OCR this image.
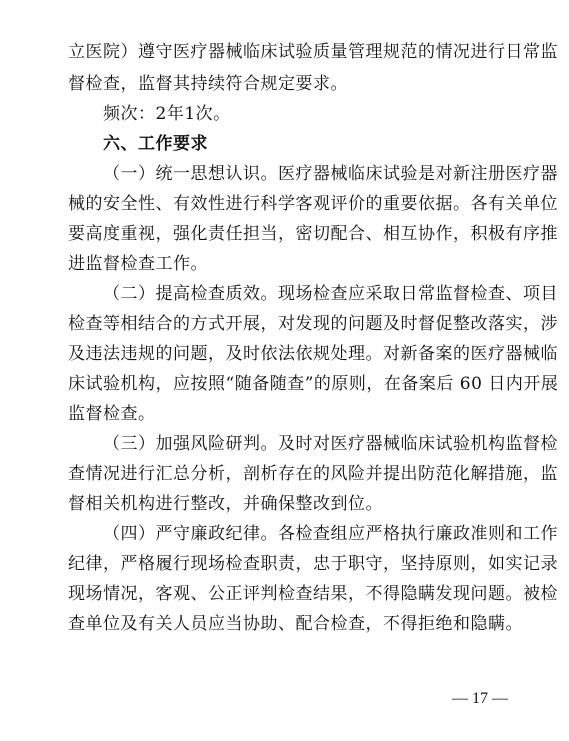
立医院）遵守医疗器械临床试验质量管理规范的情况进行日常监
督检查，监督其持续符合规定要求。
频次：2年1次。
六、工作要求
（一）统一思想认识。医疗器械临床试验是对新注册医疗器
械的安全性、有效性进行科学客观评价的重要依据。各有关单位
要高度重视，强化责任担当，密切配合、相互协作，积极有序推
进监督检查工作。
（二）提高检查质效。现场检查应采取日常监督检查、项目
检查等相结合的方式开展，对发现的问题及时督促整改落实，涉
及违法违规的问题，及时依法依规处理。对新备案的医疗器械临
床试验机构，应按照“随备随查”的原则，在备案后 60 日内开展
监督检查。
（三）加强风险研判。及时对医疗器械临床试验机构监督检
查情况进行汇总分析，剖析存在的风险并提出防范化解措施，监
督相关机构进行整改，并确保整改到位。
（四）严守廉政纪律。各检查组应严格执行廉政准则和工作
纪律，严格履行现场检查职责，忠于职守，坚持原则，如实记录
现场情况，客观、公正评判检查结果，不得隐瞒发现问题。被检
查单位及有关人员应当协助、配合检查，不得拒绝和隐瞒。
— 17 —
